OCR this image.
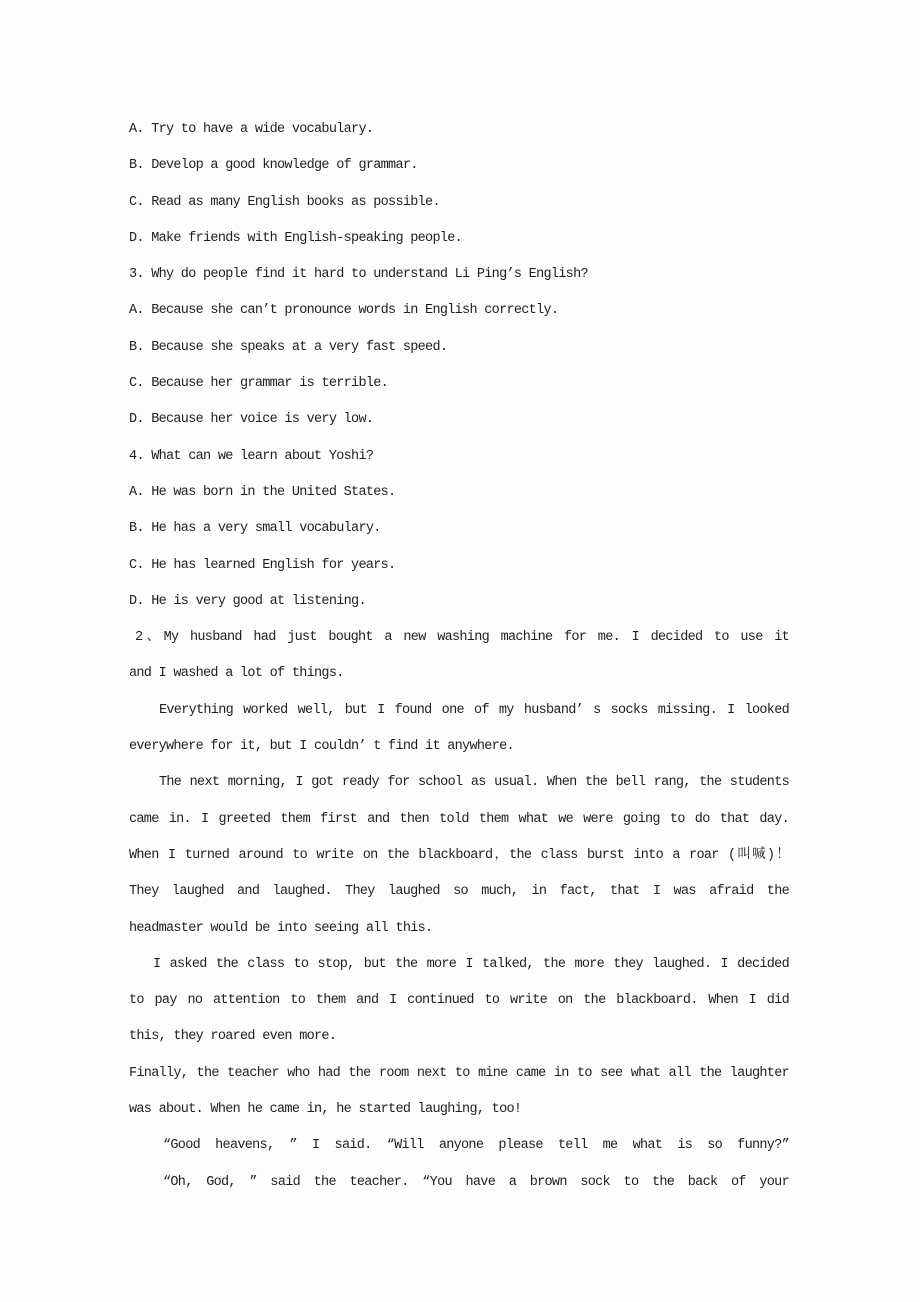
A. Try to have a wide vocabulary.
B. Develop a good knowledge of grammar.
C. Read as many English books as possible.
D. Make friends with English-speaking people.
3. Why do people find it hard to understand Li Ping’s English?
A. Because she can’t pronounce words in English correctly.
B. Because she speaks at a very fast speed.
C. Because her grammar is terrible.
D. Because her voice is very low.
4. What can we learn about Yoshi?
A. He was born in the United States.
B. He has a very small vocabulary.
C. He has learned English for years.
D. He is very good at listening.
2、My husband had just bought a new washing machine for me. I decided to use it
and I washed a lot of things.
Everything worked well, but I found one of my husband’ s socks missing. I looked
everywhere for it, but I couldn’ t find it anywhere.
The next morning, I got ready for school as usual. When the bell rang, the students
came in. I greeted them first and then told them what we were going to do that day.
When I turned around to write on the blackboard，the class burst into a roar (叫喊)！
They laughed and laughed. They laughed so much, in fact, that I was afraid the
headmaster would be into seeing all this.
I asked the class to stop, but the more I talked, the more they laughed. I decided
to pay no attention to them and I continued to write on the blackboard. When I did
this, they roared even more.
Finally, the teacher who had the room next to mine came in to see what all the laughter
was about. When he came in, he started laughing, too!
“Good heavens, ” I said. “Will anyone please tell me what is so funny?”
“Oh, God, ” said the teacher. “You have a brown sock to the back of your
